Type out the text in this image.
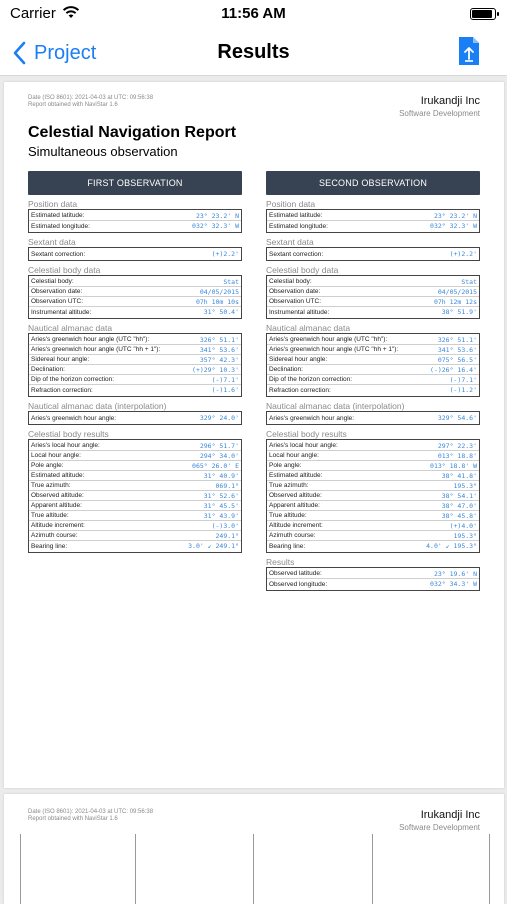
Carrier	11:56 AM
Project	Results
Date (ISO 8601): 2021-04-03 at UTC: 09:56:38
Report obtained with NaviStar 1.6	Irukandji Inc
Software Development
Celestial Navigation Report
Simultaneous observation
FIRST OBSERVATION
Position data
Estimated latitude:	23° 23.2' N
Estimated longitude:	032° 32.3' W
Sextant data
Sextant correction:	(+)2.2'
Celestial body data
Celestial body:	Stat
Observation date:	04/05/2015
Observation UTC:	07h 10m 10s
Instrumental altitude:	31° 50.4'
Nautical almanac data
Aries's greenwich hour angle (UTC "hh"):	326° 51.1'
Aries's greenwich hour angle (UTC "hh + 1"):	341° 53.6'
Sidereal hour angle:	357° 42.3'
Declination:	(+)29° 10.3'
Dip of the horizon correction:	(-)7.1'
Refraction correction:	(-)1.6'
Nautical almanac data (interpolation)
Aries's greenwich hour angle:	329° 24.0'
Celestial body results
Aries's local hour angle:	296° 51.7'
Local hour angle:	294° 34.0'
Pole angle:	065° 26.0' E
Estimated altitude:	31° 40.9'
True azimuth:	069.1°
Observed altitude:	31° 52.6'
Apparent altitude:	31° 45.5'
True altitude:	31° 43.9'
Altitude increment:	(-)3.0'
Azimuth course:	249.1°
Bearing line:	3.0' ↙ 249.1°
SECOND OBSERVATION
Position data
Estimated latitude:	23° 23.2' N
Estimated longitude:	032° 32.3' W
Sextant data
Sextant correction:	(+)2.2'
Celestial body data
Celestial body:	Stat
Observation date:	04/05/2015
Observation UTC:	07h 12m 12s
Instrumental altitude:	38° 51.9'
Nautical almanac data
Aries's greenwich hour angle (UTC "hh"):	326° 51.1'
Aries's greenwich hour angle (UTC "hh + 1"):	341° 53.6'
Sidereal hour angle:	075° 56.5'
Declination:	(-)26° 16.4'
Dip of the horizon correction:	(-)7.1'
Refraction correction:	(-)1.2'
Nautical almanac data (interpolation)
Aries's greenwich hour angle:	329° 54.6'
Celestial body results
Aries's local hour angle:	297° 22.3'
Local hour angle:	013° 18.8'
Pole angle:	013° 18.8' W
Estimated altitude:	38° 41.8'
True azimuth:	195.3°
Observed altitude:	38° 54.1'
Apparent altitude:	38° 47.0'
True altitude:	38° 45.8'
Altitude increment:	(+)4.0'
Azimuth course:	195.3°
Bearing line:	4.0' ↙ 195.3°
Results
Observed latitude:	23° 19.6' N
Observed longitude:	032° 34.3' W
Date (ISO 8601): 2021-04-03 at UTC: 09:56:38
Report obtained with NaviStar 1.6	Irukandji Inc
Software Development
